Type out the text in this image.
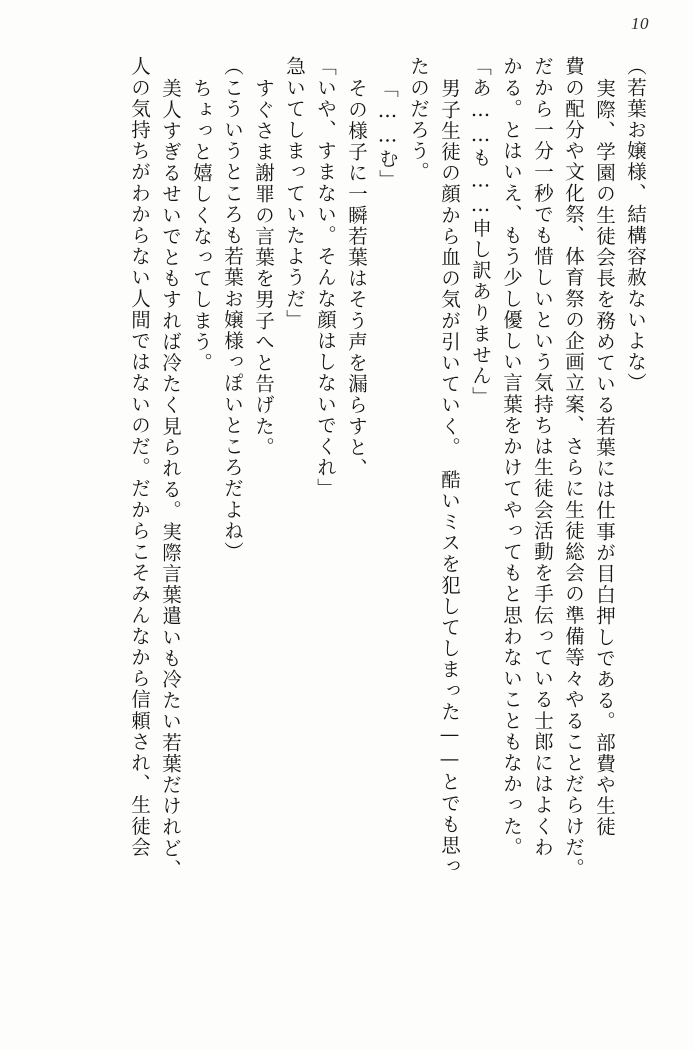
10
（若葉お嬢様、結構容赦ないよな）
実際、学園の生徒会長を務めている若葉には仕事が目白押しである。部費や生徒
費の配分や文化祭、体育祭の企画立案、さらに生徒総会の準備等々やることだらけだ。
だから一分一秒でも惜しいという気持ちは生徒会活動を手伝っている士郎にはよくわ
かる。とはいえ、もう少し優しい言葉をかけてやってもと思わないこともなかった。
「あ……も……申し訳ありません」
男子生徒の顔から血の気が引いていく。　酷いミスを犯してしまった——とでも思っ
たのだろう。
「……む」
その様子に一瞬若葉はそう声を漏らすと、
「いや、すまない。そんな顔はしないでくれ」
急いてしまっていたようだ」
すぐさま謝罪の言葉を男子へと告げた。
（こういうところも若葉お嬢様っぽいところだよね）
ちょっと嬉しくなってしまう。
美人すぎるせいでともすれば冷たく見られる。実際言葉遣いも冷たい若葉だけれど、
人の気持ちがわからない人間ではないのだ。だからこそみんなから信頼され、生徒会
